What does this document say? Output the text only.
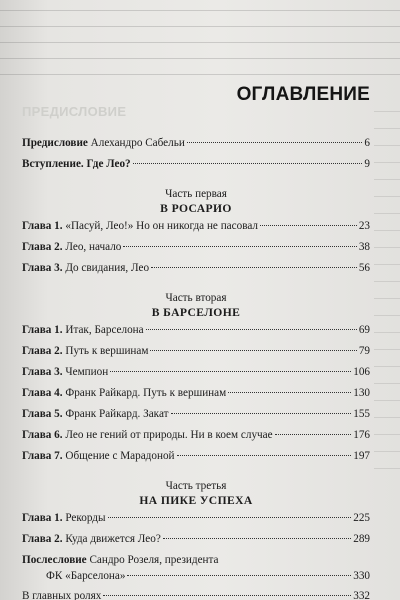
ПРЕДИСЛОВИЕ
ОГЛАВЛЕНИЕ
Предисловие Алехандро Сабельи	6
Вступление. Где Лео?	9
Часть первая
В РОСАРИО
Глава 1. «Пасуй, Лео!» Но он никогда не пасовал	23
Глава 2. Лео, начало	38
Глава 3. До свидания, Лео	56
Часть вторая
В БАРСЕЛОНЕ
Глава 1. Итак, Барселона	69
Глава 2. Путь к вершинам	79
Глава 3. Чемпион	106
Глава 4. Франк Райкард. Путь к вершинам	130
Глава 5. Франк Райкард. Закат	155
Глава 6. Лео не гений от природы. Ни в коем случае	176
Глава 7. Общение с Марадоной	197
Часть третья
НА ПИКЕ УСПЕХА
Глава 1. Рекорды	225
Глава 2. Куда движется Лео?	289
Послесловие Сандро Розеля, президента
ФК «Барселона»	330
В главных ролях	332
